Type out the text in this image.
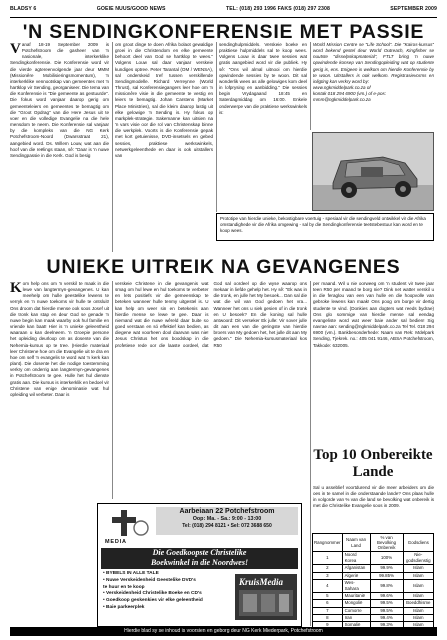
BLADSY 6	GOEIE NUUS/GOOD NEWS	TEL: (018) 293 1996 FAKS (018) 297 2308	SEPTEMBER 2009
'N SENDINGKONFERENSIE MET PASSIE
Vanaf 18-19 September 2009 is Potchefstroom die gasheer van 'n nasionale, interkerklike Sendingkonferensie. Die Konferensie word vir die vierde agtereenvolgende jaar deur MMM (Missionêre Mobilisieringsmomentum), 'n interkerklike vennootskap van gemeentes met 'n hartklop vir Sending, georganiseer. Die tema van die Konferensie is "Die gemeente as gestuurde". Die fokus word vanjaar daarop gerig om gemeenteleiers en gemeentes te bemagtig om die "Groot Opdrag" van die Here Jesus uit te voer en die volledige Evangelie na die hele mensdom te neem. Die Konferensie sal vanjaar by die kompleks van die NG Kerk Potchefstroom-Noord (Dwarsstraat 21), aangebied word. Ds. Willem Louw, wat aan die hoof van die reëlings staan, sê: "Daar is 'n nuwe Sendingpassie in die Kerk. God is besig
om groot dinge te doen Afrika bolaot gewaldige groei in die Christendom en elke gemeente behoort deel van God se hartklop te wees." Volgens Louw sal daar vanjaar verskeie kundiges optree. Peter Tarantal (OM / WENSA), sal onderskeid tref tussen verskillende Sendingmodelle. Richard Verreynne (World Thrust), sal Konferensiegangers leer hoe om 'n missionêre visie in die gemeente te vestig en leiers te bemagtig. Johan Carstens (Market Place Ministries), sal die kleim daarop lastig uit elke gelowige 'n Sending is. Hy fokus op markplek-strategie. Sakemanne kan uitsien na 'n vars visie oor die rol van Christenskap binne die werkplek. Voorts is die Konferensie gepak met kort getuienisse, DVD-insetsels en gebed sessies, praktiese werkswinkels, netwerkgeleenthede en daar is ook uitstallers van
sendinghulpmiddels. Verskeie boeke en praktiese hulpmiddels sal te koop wees. Volgens Louw is daar twee sessies wat gratis aangebied word vir die publiek. Hy sê: "Ons wil almal uitnooi om hierdie opwindende sessies by te woon. Dit sal wonderlik wees as alle gelowiges kom deel in lofprysing en aanbidding." Die sessies begin Vrydagaand 18:45 en Saterdagmiddag om 16:00. Enkele onderwerpe van die praktiese werkswinkels is:
World Mission Centre se "Life School". Die "Kairos-kursus" word bekend gestel deur World Outreach, Kingfisher se nuutste "disselpskapmaterial", FTLT bring 'n nuwe opwindende konsep van Sendingopleiding wat op studente gerig is, ens. Enigeen is welkom om hierdie Konferensie by te woon. Uitstallers is ook welkom. Registrasievorms en inligting kan verkry word by:
www.ngkmiddelpark.co.za of
kontak 018 294 6900 (vm.) of e-pos:
mmm@ngkmiddelpark.co.za
Prototipe van hierdie unieke, bekostigbare voertuig - spesiaal vir die sendingveld ontwikkel vir die Afrika omstandighede vir die Afrika omgewing - sal by die Sendingkonferensie teetstebestuur kan word en te koop wees.
UNIEKE UITREIK NA GEVANGENES
Kom help ons om 'n verskil te maak in die lewe van langtermyn-gevangenes. U kan meehelp om hulle geestelike lewens te verryk en 'n nuwe toekoms vir hulle te ontsluit! Ons droom dat hierdie mense ook soos Josef uit die tronk kan stap en deur God se genade 'n nuwe begin kan maak waarby ook hul familie en vriende kan baat! Hier is 'n unieke geleentheid waaraan u kan deelneem. 'n Groepie persone het opleiding deurloop om as dosente van die Nehemia-kursus op te tree. (Hierdie materiaal leer Christene hoe om die Evangelie uit te dra en hoe om self 'n evangelis te word wat 'n kerk kan plant). Die dosente het die nodige toestemming verkry om onderrig aan langtermyn-gevangenes in Potchefstroom te gee. Hulle het hul dienste gratis aan. Die kursus is interkerklik en bedoel vir Christene van enige denominasie wat hul opleiding wil verbeter. Daar is
verskeie Christene in die gevangenis wat smag om hul lewe en hul toekoms te verbeter en lets positiefs vir die gemeenskap te beteken wanneer hulle tenmy uitgestel is. U kan help om weer sin en betekenis aan hierdie mense se lewe te gee. Daar is niemand wat die nuwe wêreld daar buite so goed verstaan en só effektief kan bedien, as diegene wat voorheen dool daarvan was nie! Jesus Christus het ons boodskap in die profetiese rede oor die laaste oordeel, dat God sal oordeel op die wyse waarop ons mekaar in liefde gehelp het. Hy sê: "Ek was in die tronk, en julle het My besoek... Dan sal die wat die wil van God gedoen het vra... Wanneer het ons u siek gesien of in die tronk en U besoek? En die koning sal hulle antwoord: Dit verseker Ek julle: Vir sover julle dit aan een van die geringste van hierdie broers van My gedoen het, het julle dit aan My gedoen." Die Nehemia-kursusmateriaal kos R50
per maand. Wil u nie oorweeg om 'n student vir twee jaar teen R50 per maand te borg nie? Dink net watter verskil u in die feraglou van een van hulle en die hoopvolle van gebroke lewens kan maak! Ons poog om borge vir dertig studente te vind. (Donkies aan dogters wat reeds bydrae) Ons glo sommige van hierdie mense sal eendag evangeliste word wat weer baie ander sal bedien! Sig navrae aan: sending@ngkmiddelpark.co.za Tel Tel. 018 294 6900 (vm.). Bankbesonderhede: Naam van Rek: Mdelpark Sending, Tjekrek. no.: 405 041 9146, ABSA Potchefstroom, Takkode: 632005.
Top 10 Onbereikte Lande
Sal u asseblief voortdurend vir die meer arbeiders om die oes in te samel in die onderstaande lande? Ons plaas hulle in volgorde van % van die land se bevolking wat onbereik is met die Christelike Evangelie soos in 2009.
Rangnommer	Naam van Land	% van Bevolking Onbereik	Godsdiens
1	Noord Korea	100%	Nie-godsdienstig
2	Afganistan	99.9%	Islam
3	Algerië	99.85%	Islam
4	Wes-Sahara	99.8%	Islam
5	Mauritanië	99.6%	Islam
6	Mongolië	99.5%	Boeddhisme
7	Comorre	99.5%	Islam
8	Iran	99.4%	Islam
9	Somalië	99.3%	Islam

MEDIA
Aarbeiaan 22 Potchefstroom
Oop: Ma. - Sa.: 9:00 - 13:00
Tel: (018) 294 8121 • Sel: 072 3688 650
Die Goedkoopste Christelike
Boekwinkel in die Noordwes!
• BYBELS IN ALLE TALE
• Nuwe Verskeidenheid Geestelike DVD's
te huur en te koop
• Verskeidenheid Christelike Boeke en CD's
• Goedkoop geskenkies vir elke geleentheid
• Baie parkeerplek
KruisMedia
Hierdie blad sy se inhoud is voorsien en geborg deur NG Kerk Miederpark, Potchefstroom
